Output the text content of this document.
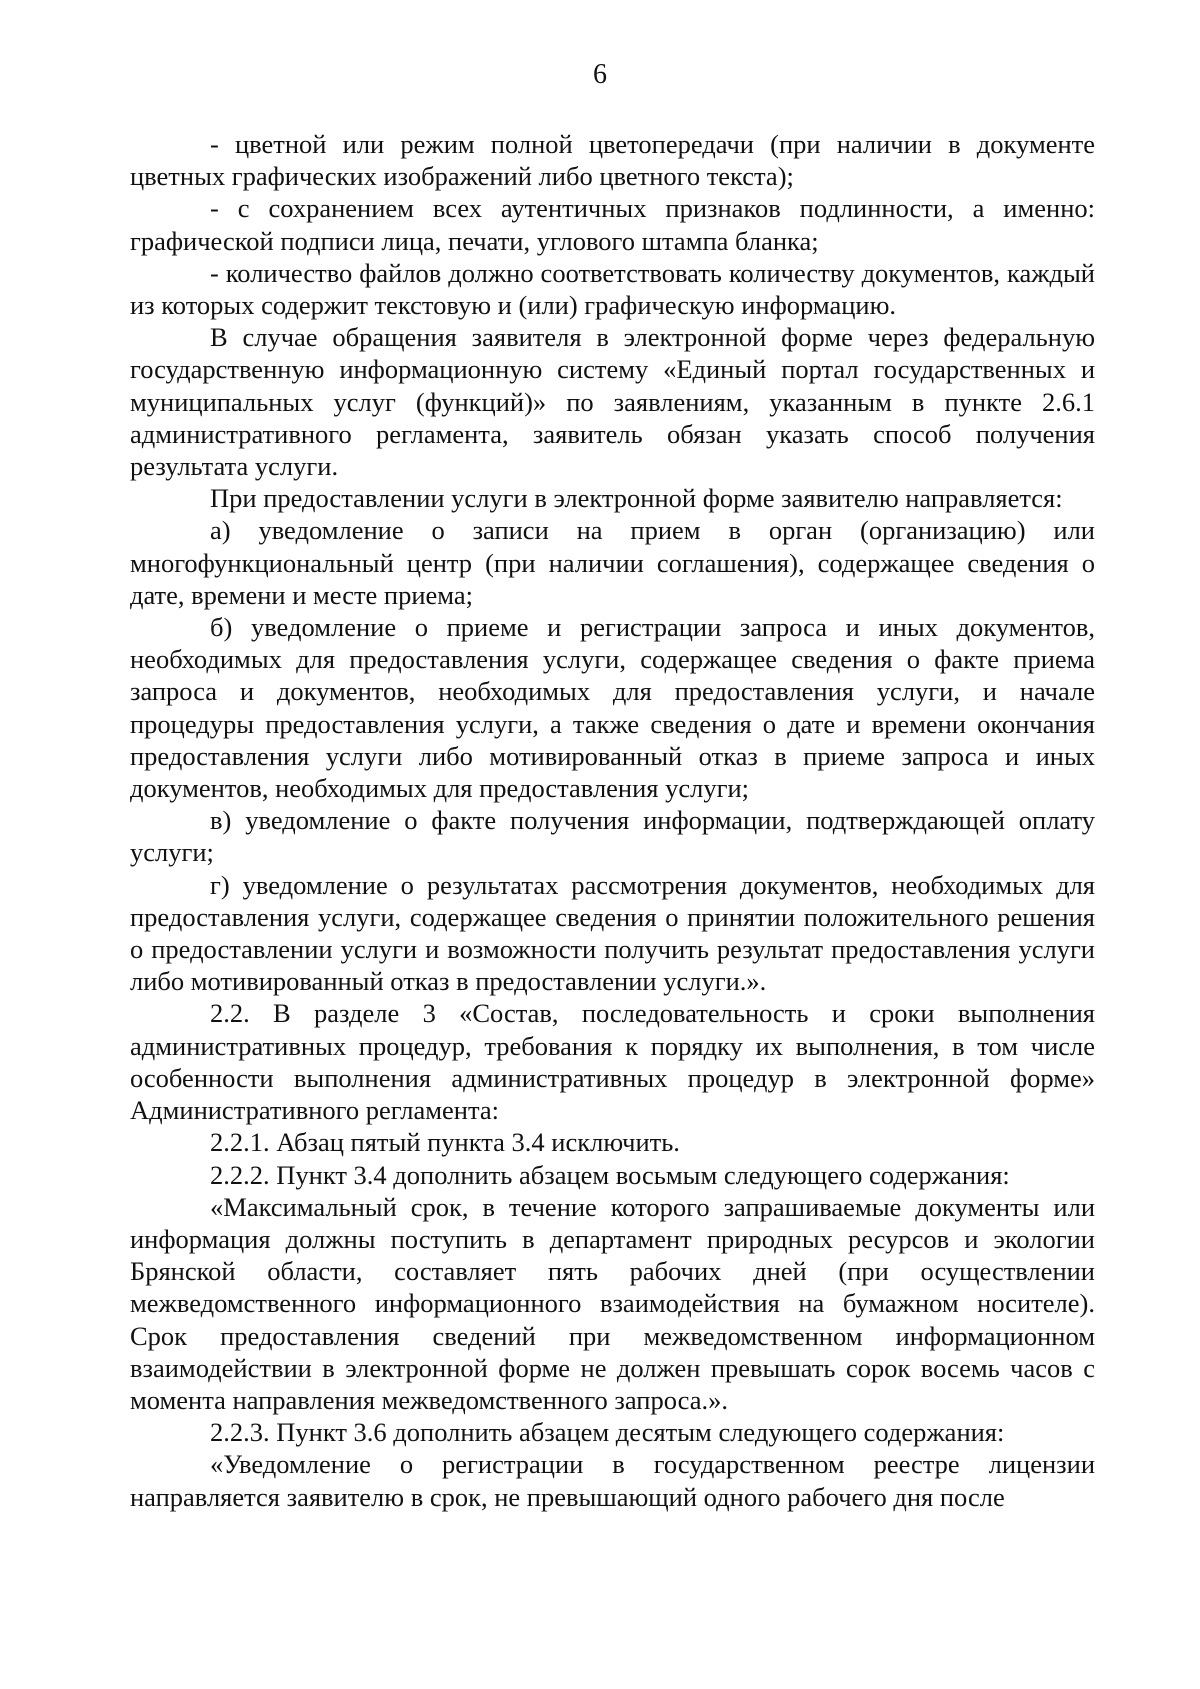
6

- цветной или режим полной цветопередачи (при наличии в документе цветных графических изображений либо цветного текста);

- с сохранением всех аутентичных признаков подлинности, а именно: графической подписи лица, печати, углового штампа бланка;

- количество файлов должно соответствовать количеству документов, каждый из которых содержит текстовую и (или) графическую информацию.

В случае обращения заявителя в электронной форме через федеральную государственную информационную систему «Единый портал государственных и муниципальных услуг (функций)» по заявлениям, указанным в пункте 2.6.1 административного регламента, заявитель обязан указать способ получения результата услуги.

При предоставлении услуги в электронной форме заявителю направляется:

а) уведомление о записи на прием в орган (организацию) или многофункциональный центр (при наличии соглашения), содержащее сведения о дате, времени и месте приема;

б) уведомление о приеме и регистрации запроса и иных документов, необходимых для предоставления услуги, содержащее сведения о факте приема запроса и документов, необходимых для предоставления услуги, и начале процедуры предоставления услуги, а также сведения о дате и времени окончания предоставления услуги либо мотивированный отказ в приеме запроса и иных документов, необходимых для предоставления услуги;

в) уведомление о факте получения информации, подтверждающей оплату услуги;

г) уведомление о результатах рассмотрения документов, необходимых для предоставления услуги, содержащее сведения о принятии положительного решения о предоставлении услуги и возможности получить результат предоставления услуги либо мотивированный отказ в предоставлении услуги.».

2.2. В разделе 3 «Состав, последовательность и сроки выполнения административных процедур, требования к порядку их выполнения, в том числе особенности выполнения административных процедур в электронной форме» Административного регламента:

2.2.1. Абзац пятый пункта 3.4 исключить.

2.2.2. Пункт 3.4 дополнить абзацем восьмым следующего содержания:

«Максимальный срок, в течение которого запрашиваемые документы или информация должны поступить в департамент природных ресурсов и экологии Брянской области, составляет пять рабочих дней (при осуществлении межведомственного информационного взаимодействия на бумажном носителе). Срок предоставления сведений при межведомственном информационном взаимодействии в электронной форме не должен превышать сорок восемь часов с момента направления межведомственного запроса.».

2.2.3. Пункт 3.6 дополнить абзацем десятым следующего содержания:

«Уведомление о регистрации в государственном реестре лицензии направляется заявителю в срок, не превышающий одного рабочего дня после
